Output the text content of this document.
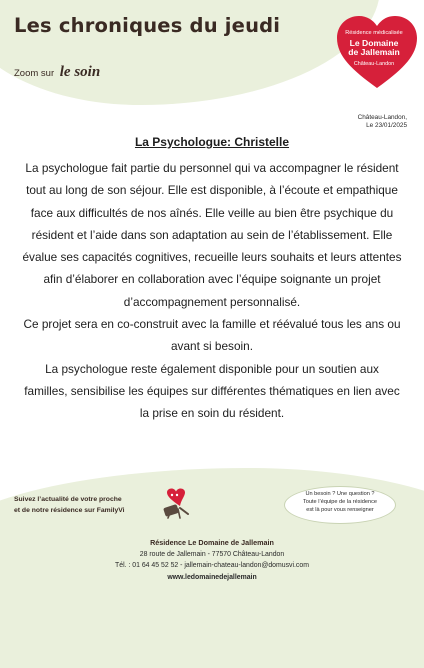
Les chroniques du jeudi
Zoom sur le soin
Résidence médicalisée
Le Domaine
de Jallemain
Château-Landon
Château-Landon,
Le 23/01/2025
La Psychologue: Christelle

La psychologue fait partie du personnel qui va accompagner le résident tout au long de son séjour. Elle est disponible, à l’écoute et empathique face aux difficultés de nos aînés. Elle veille au bien être psychique du résident et l’aide dans son adaptation au sein de l’établissement. Elle évalue ses capacités cognitives, recueille leurs souhaits et leurs attentes afin d’élaborer en collaboration avec l’équipe soignante un projet d’accompagnement personnalisé.

Ce projet sera en co-construit avec la famille et réévalué tous les ans ou avant si besoin.

La psychologue reste également disponible pour un soutien aux familles, sensibilise les équipes sur différentes thématiques en lien avec la prise en soin du résident.

Suivez l’actualité de votre proche
et de notre résidence sur FamilyVi
Un besoin ? Une question ?
Toute l’équipe de la résidence
est là pour vous renseigner
Résidence Le Domaine de Jallemain
28 route de Jallemain - 77570 Château-Landon
Tél. : 01 64 45 52 52 - jallemain-chateau-landon@domusvi.com
www.ledomainedejallemain
